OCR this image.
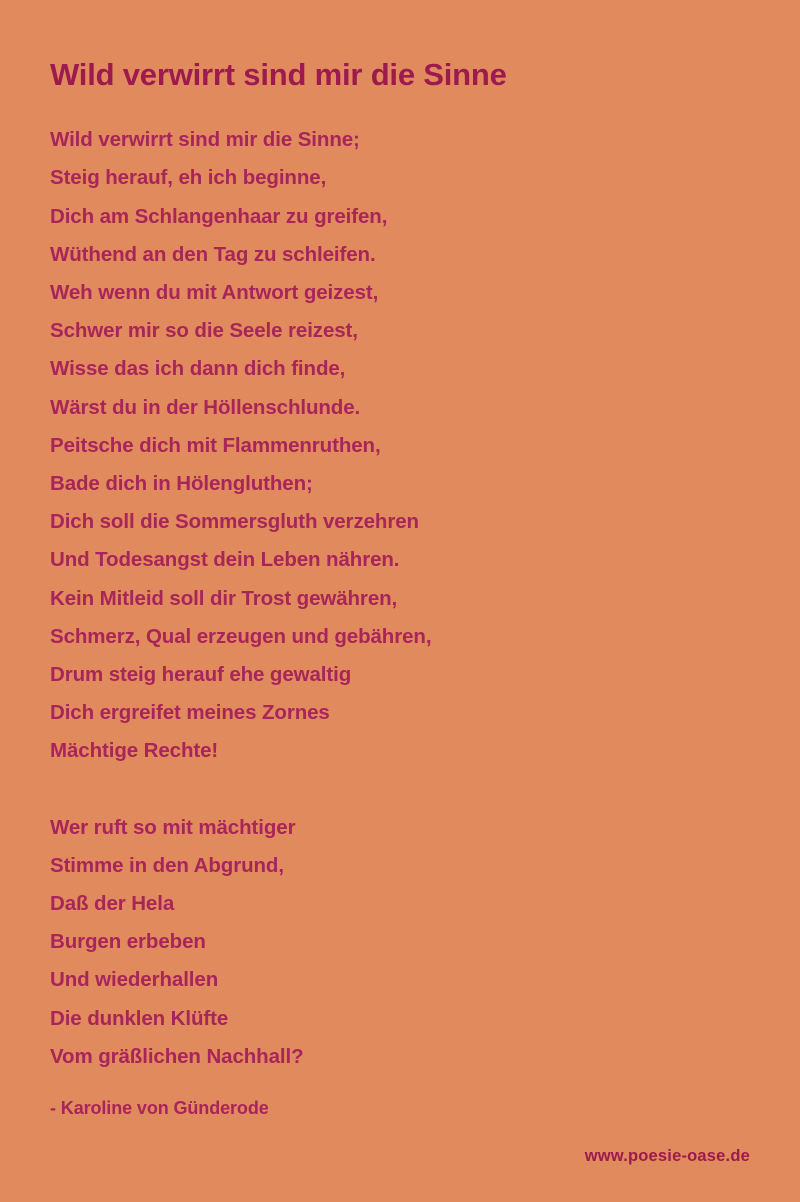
Wild verwirrt sind mir die Sinne
Wild verwirrt sind mir die Sinne;
Steig herauf, eh ich beginne,
Dich am Schlangenhaar zu greifen,
Wüthend an den Tag zu schleifen.
Weh wenn du mit Antwort geizest,
Schwer mir so die Seele reizest,
Wisse das ich dann dich finde,
Wärst du in der Höllenschlunde.
Peitsche dich mit Flammenruthen,
Bade dich in Hölengluthen;
Dich soll die Sommersgluth verzehren
Und Todesangst dein Leben nähren.
Kein Mitleid soll dir Trost gewähren,
Schmerz, Qual erzeugen und gebähren,
Drum steig herauf ehe gewaltig
Dich ergreifet meines Zornes
Mächtige Rechte!
Wer ruft so mit mächtiger
Stimme in den Abgrund,
Daß der Hela
Burgen erbeben
Und wiederhallen
Die dunklen Klüfte
Vom gräßlichen Nachhall?
- Karoline von Günderode
www.poesie-oase.de
